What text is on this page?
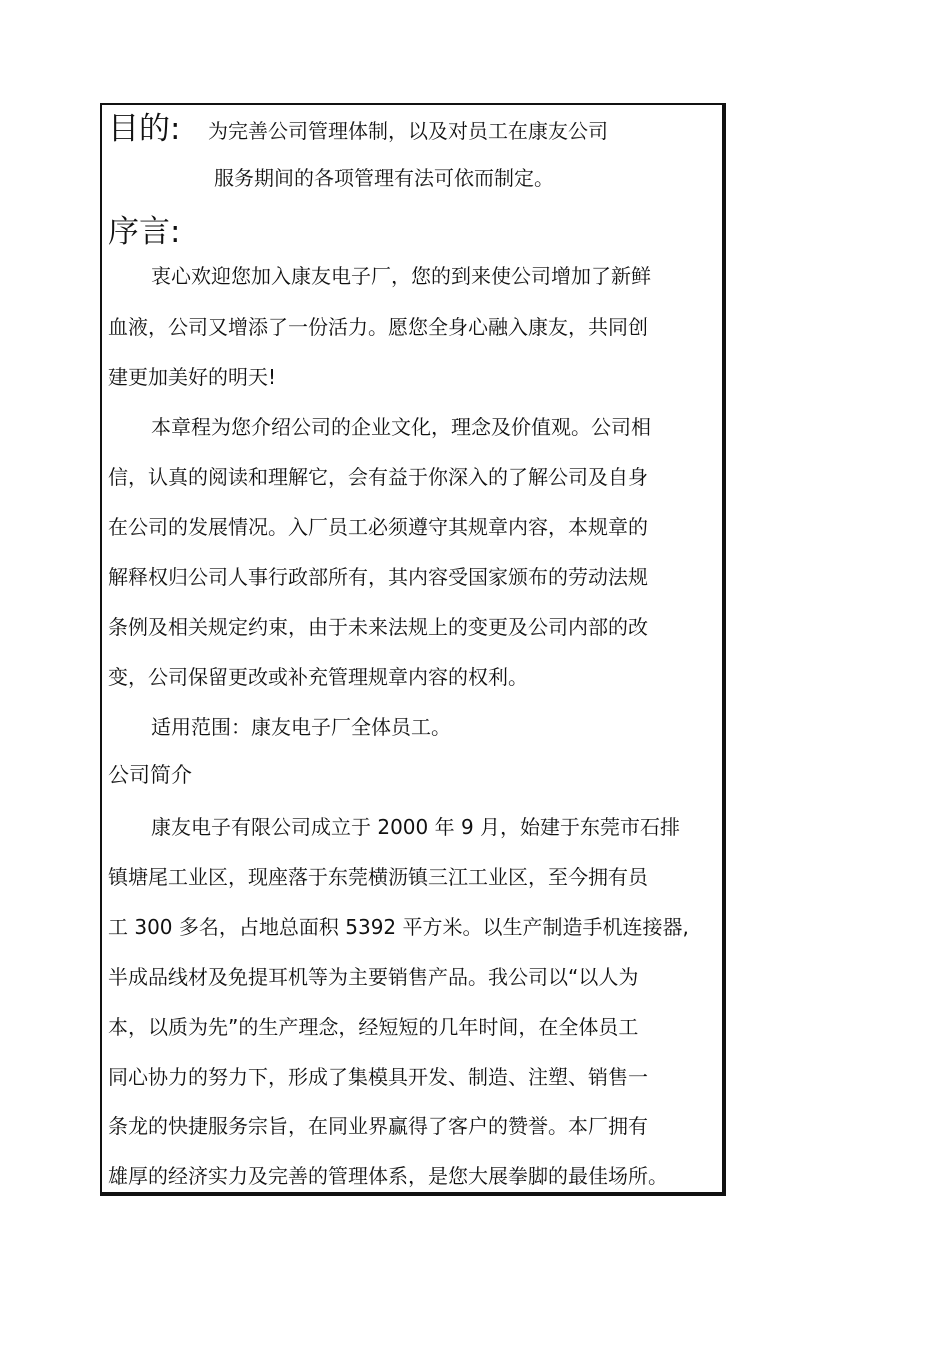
目的: 为完善公司管理体制，以及对员工在康友公司
服务期间的各项管理有法可依而制定。
序言:
衷心欢迎您加入康友电子厂，您的到来使公司增加了新鲜
血液，公司又增添了一份活力。愿您全身心融入康友，共同创
建更加美好的明天!
本章程为您介绍公司的企业文化，理念及价值观。公司相
信，认真的阅读和理解它，会有益于你深入的了解公司及自身
在公司的发展情况。入厂员工必须遵守其规章内容，本规章的
解释权归公司人事行政部所有，其内容受国家颁布的劳动法规
条例及相关规定约束，由于未来法规上的变更及公司内部的改
变，公司保留更改或补充管理规章内容的权利。
适用范围：康友电子厂全体员工。
公司简介
康友电子有限公司成立于 2000 年 9 月，始建于东莞市石排
镇塘尾工业区，现座落于东莞横沥镇三江工业区，至今拥有员
工 300 多名，占地总面积 5392 平方米。以生产制造手机连接器,
半成品线材及免提耳机等为主要销售产品。我公司以“以人为
本，以质为先”的生产理念，经短短的几年时间，在全体员工
同心协力的努力下，形成了集模具开发、制造、注塑、销售一
条龙的快捷服务宗旨，在同业界赢得了客户的赞誉。本厂拥有
雄厚的经济实力及完善的管理体系，是您大展拳脚的最佳场所。
